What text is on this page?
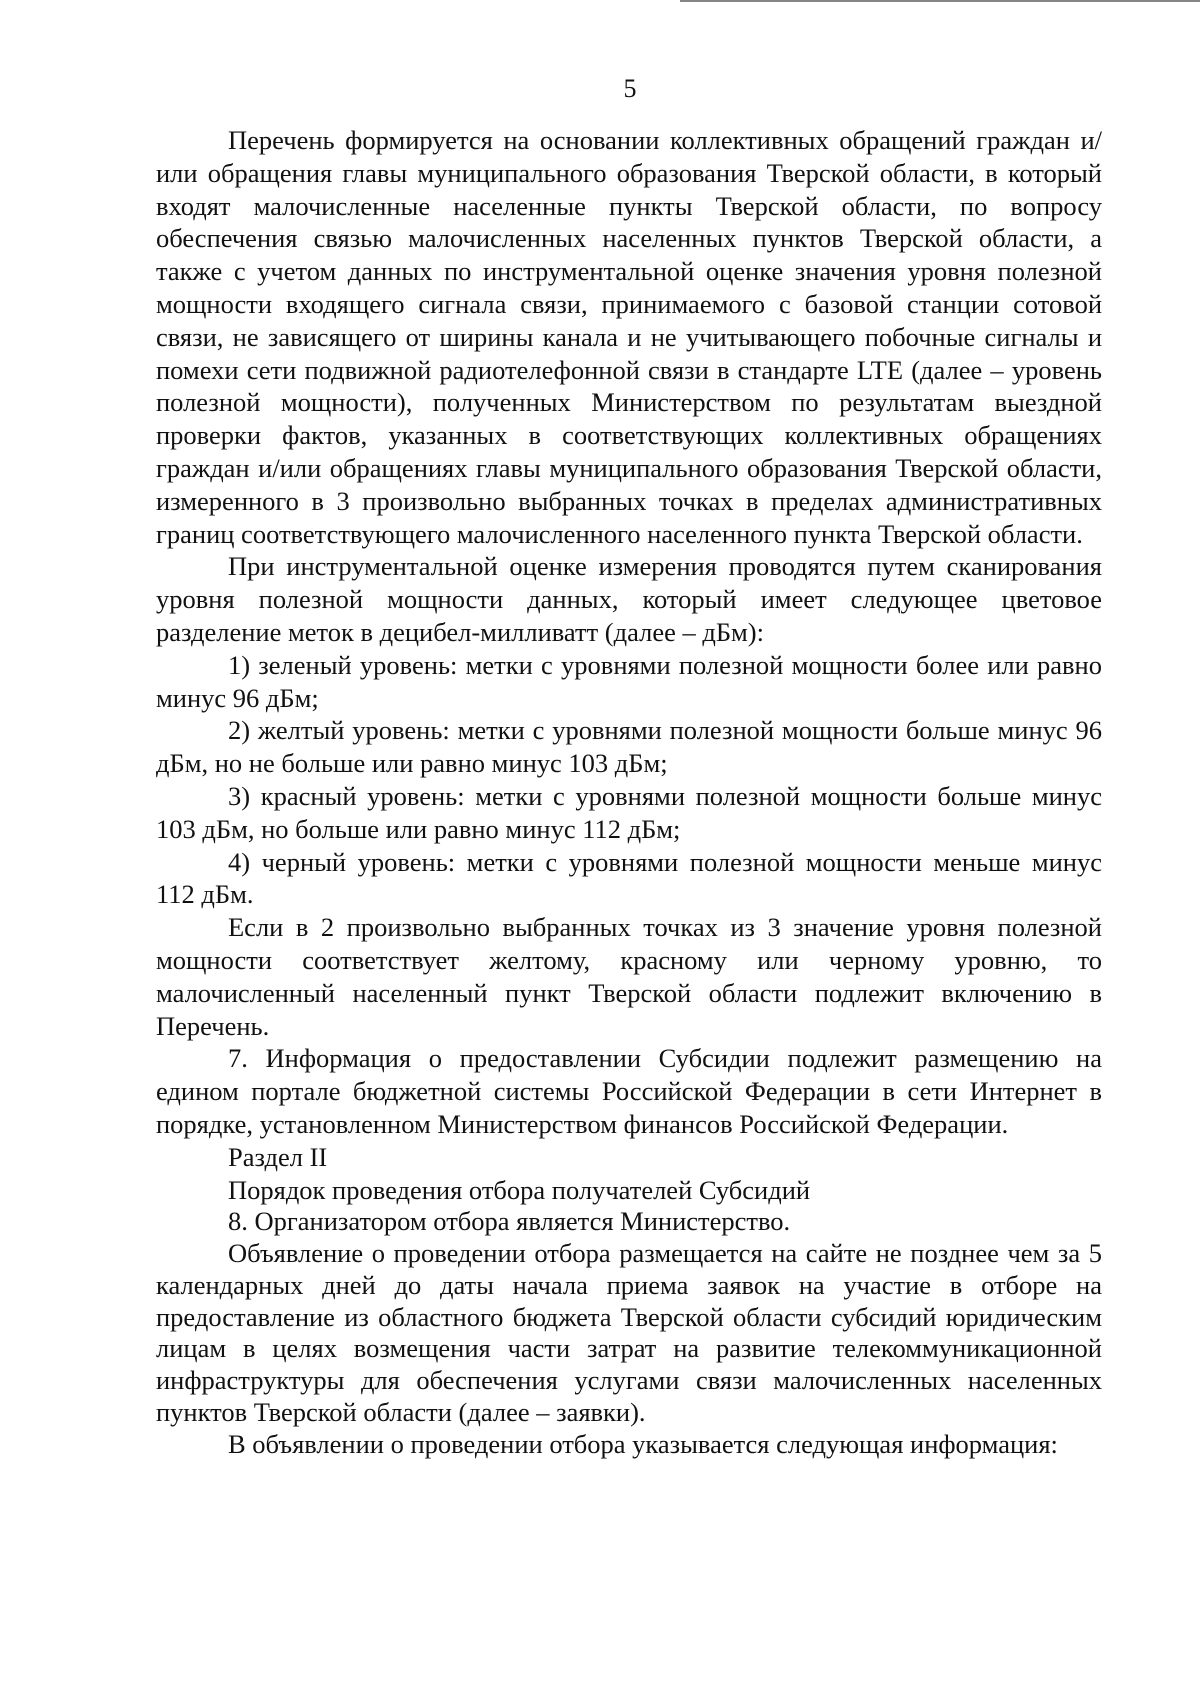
5

Перечень формируется на основании коллективных обращений граждан и/или обращения главы муниципального образования Тверской области, в который входят малочисленные населенные пункты Тверской области, по вопросу обеспечения связью малочисленных населенных пунктов Тверской области, а также с учетом данных по инструментальной оценке значения уровня полезной мощности входящего сигнала связи, принимаемого с базовой станции сотовой связи, не зависящего от ширины канала и не учитывающего побочные сигналы и помехи сети подвижной радиотелефонной связи в стандарте LTE (далее – уровень полезной мощности), полученных Министерством по результатам выездной проверки фактов, указанных в соответствующих коллективных обращениях граждан и/или обращениях главы муниципального образования Тверской области, измеренного в 3 произвольно выбранных точках в пределах административных границ соответствующего малочисленного населенного пункта Тверской области.

При инструментальной оценке измерения проводятся путем сканирования уровня полезной мощности данных, который имеет следующее цветовое разделение меток в децибел-милливатт (далее – дБм):

1) зеленый уровень: метки с уровнями полезной мощности более или равно минус 96 дБм;

2) желтый уровень: метки с уровнями полезной мощности больше минус 96 дБм, но не больше или равно минус 103 дБм;

3) красный уровень: метки с уровнями полезной мощности больше минус 103 дБм, но больше или равно минус 112 дБм;

4) черный уровень: метки с уровнями полезной мощности меньше минус 112 дБм.

Если в 2 произвольно выбранных точках из 3 значение уровня полезной мощности соответствует желтому, красному или черному уровню, то малочисленный населенный пункт Тверской области подлежит включению в Перечень.

7. Информация о предоставлении Субсидии подлежит размещению на едином портале бюджетной системы Российской Федерации в сети Интернет в порядке, установленном Министерством финансов Российской Федерации.

Раздел II

Порядок проведения отбора получателей Субсидий

8. Организатором отбора является Министерство.

Объявление о проведении отбора размещается на сайте не позднее чем за 5 календарных дней до даты начала приема заявок на участие в отборе на предоставление из областного бюджета Тверской области субсидий юридическим лицам в целях возмещения части затрат на развитие телекоммуникационной инфраструктуры для обеспечения услугами связи малочисленных населенных пунктов Тверской области (далее – заявки).

В объявлении о проведении отбора указывается следующая информация:
